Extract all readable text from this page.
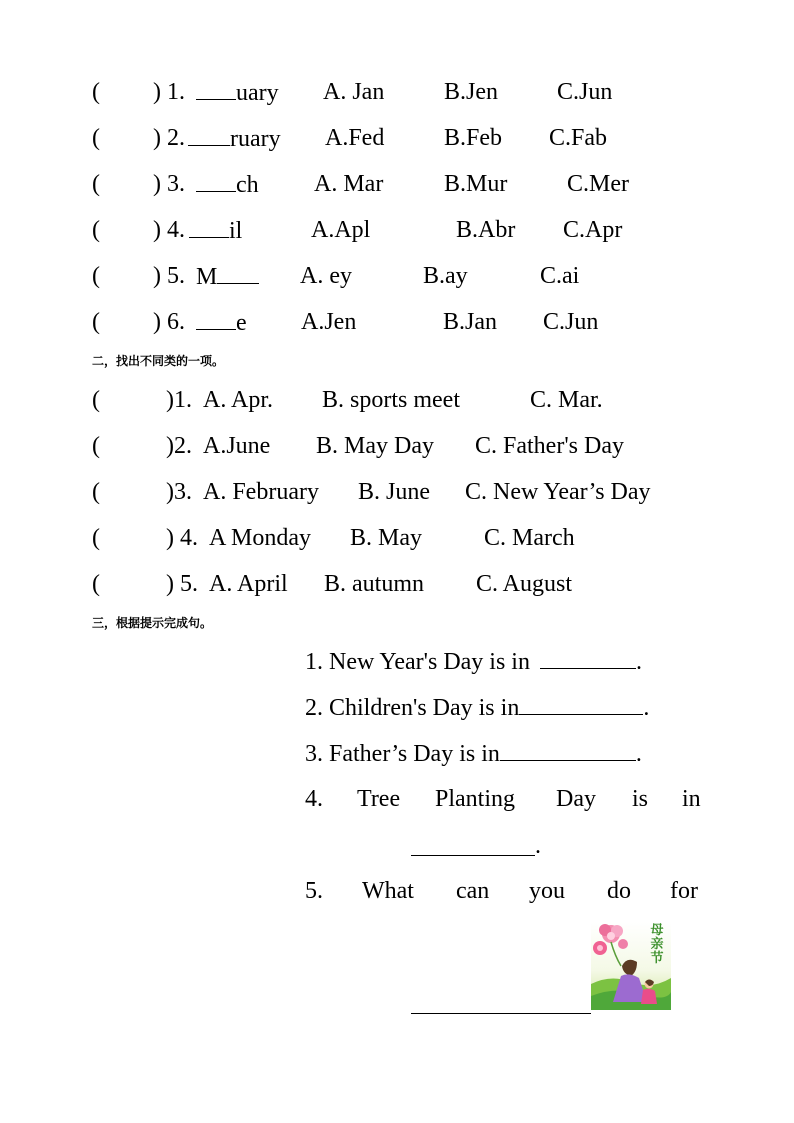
( ) 1.	uary A. Jan B.Jen C.Jun
( ) 2.	ruary A.Fed B.Feb C.Fab
( ) 3.	ch A. Mar	B.Mur C.Mer
( ) 4.	il	A.Apl	B.Abr C.Apr
( ) 5. M	A. ey	B.ay	C.ai
( ) 6.	e A.Jen	B.Jan C.Jun
二，找出不同类的一项。
(	)1. A. Apr. B. sports meet	C. Mar.
(	)2. A.June B. May Day C. Father's Day
(	)3. A. February B. June C. New Year’s Day
(	) 4. A Monday B. May	C. March
(	) 5. A. April B. autumn C. August
三，根据提示完成句。
1. New Year's Day is in	.
2. Children's Day is in	.
3. Father’s Day is in	.
4. Tree Planting Day is in
.
5. What can you do for
母
亲
节
